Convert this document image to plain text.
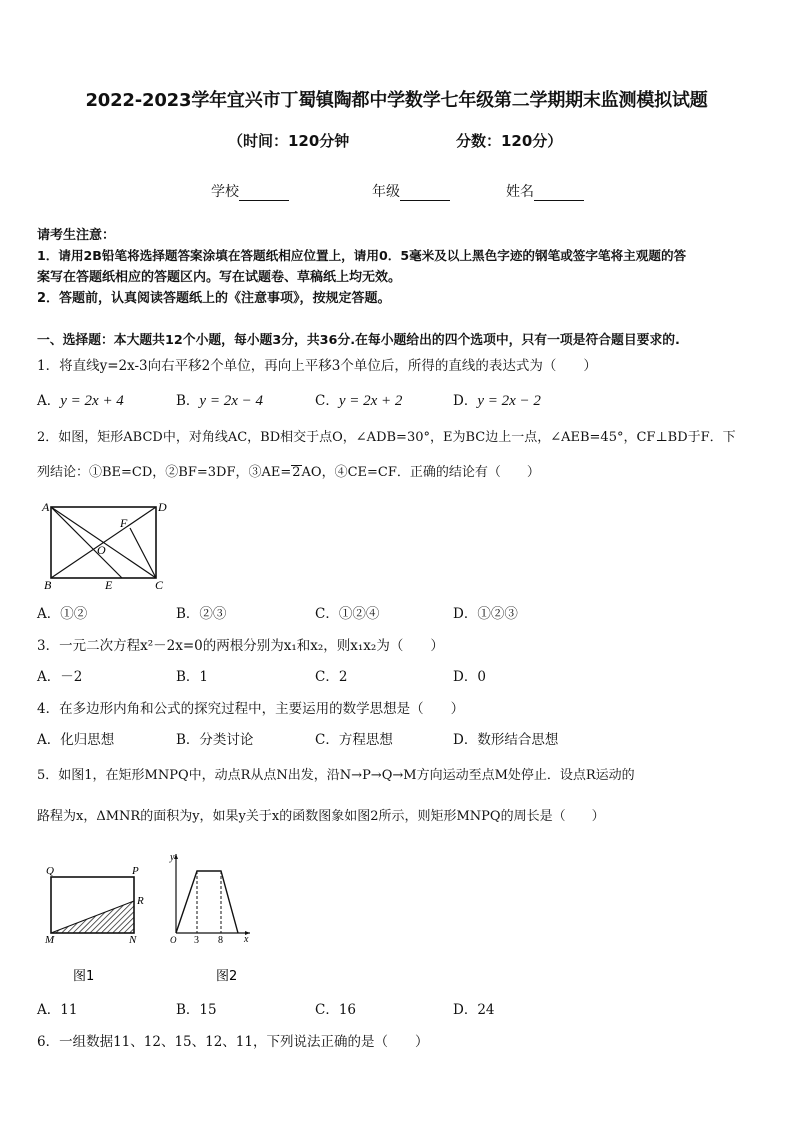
2022-2023学年宜兴市丁蜀镇陶都中学数学七年级第二学期期末监测模拟试题
（时间：120分钟	分数：120分）
学校	年级	姓名
请考生注意：
1．请用2B铅笔将选择题答案涂填在答题纸相应位置上，请用0．5毫米及以上黑色字迹的钢笔或签字笔将主观题的答
案写在答题纸相应的答题区内。写在试题卷、草稿纸上均无效。
2．答题前，认真阅读答题纸上的《注意事项》，按规定答题。
一、选择题：本大题共12个小题，每小题3分，共36分.在每小题给出的四个选项中，只有一项是符合题目要求的.
1．将直线y=2x-3向右平移2个单位，再向上平移3个单位后，所得的直线的表达式为（　　）
A．y = 2x + 4	B．y = 2x − 4	C．y = 2x + 2	D．y = 2x − 2
2．如图，矩形ABCD中，对角线AC，BD相交于点O，∠ADB=30°，E为BC边上一点，∠AEB=45°，CF⊥BD于F．下
列结论：①BE=CD，②BF=3DF，③AE=2AO，④CE=CF．正确的结论有（　　）
A	D
B	C
E
F
O
A．①②	B．②③	C．①②④	D．①②③
3．一元二次方程x²－2x=0的两根分别为x₁和x₂，则x₁x₂为（　　）
A．－2	B．1	C．2	D．0
4．在多边形内角和公式的探究过程中，主要运用的数学思想是（　　）
A．化归思想	B．分类讨论	C．方程思想	D．数形结合思想
5．如图1，在矩形MNPQ中，动点R从点N出发，沿N→P→Q→M方向运动至点M处停止．设点R运动的
路程为x，ΔMNR的面积为y，如果y关于x的函数图象如图2所示，则矩形MNPQ的周长是（　　）
Q	P
R
M	N
图1
y
x
O 3 8
图2
A．11	B．15	C．16	D．24
6．一组数据11、12、15、12、11，下列说法正确的是（　　）
